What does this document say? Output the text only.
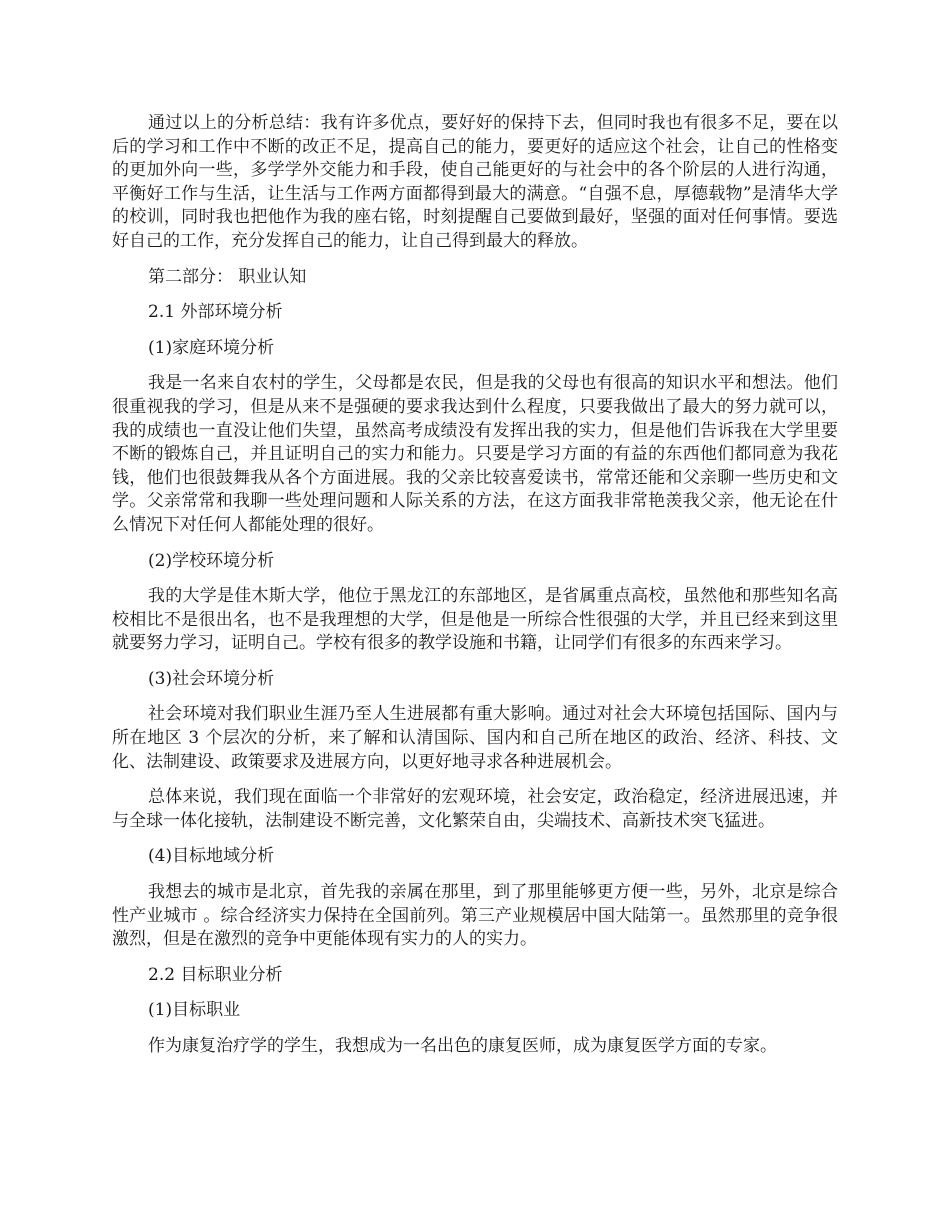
通过以上的分析总结：我有许多优点，要好好的保持下去，但同时我也有很多不足，要在以后的学习和工作中不断的改正不足，提高自己的能力，要更好的适应这个社会，让自己的性格变的更加外向一些，多学学外交能力和手段，使自己能更好的与社会中的各个阶层的人进行沟通，平衡好工作与生活，让生活与工作两方面都得到最大的满意。“自强不息，厚德载物”是清华大学的校训，同时我也把他作为我的座右铭，时刻提醒自己要做到最好，坚强的面对任何事情。要选好自己的工作，充分发挥自己的能力，让自己得到最大的释放。

第二部分： 职业认知

2.1 外部环境分析

(1)家庭环境分析

我是一名来自农村的学生，父母都是农民，但是我的父母也有很高的知识水平和想法。他们很重视我的学习，但是从来不是强硬的要求我达到什么程度，只要我做出了最大的努力就可以，我的成绩也一直没让他们失望，虽然高考成绩没有发挥出我的实力，但是他们告诉我在大学里要不断的锻炼自己，并且证明自己的实力和能力。只要是学习方面的有益的东西他们都同意为我花钱，他们也很鼓舞我从各个方面进展。我的父亲比较喜爱读书，常常还能和父亲聊一些历史和文学。父亲常常和我聊一些处理问题和人际关系的方法，在这方面我非常艳羡我父亲，他无论在什么情况下对任何人都能处理的很好。

(2)学校环境分析

我的大学是佳木斯大学，他位于黑龙江的东部地区，是省属重点高校，虽然他和那些知名高校相比不是很出名，也不是我理想的大学，但是他是一所综合性很强的大学，并且已经来到这里就要努力学习，证明自己。学校有很多的教学设施和书籍，让同学们有很多的东西来学习。

(3)社会环境分析

社会环境对我们职业生涯乃至人生进展都有重大影响。通过对社会大环境包括国际、国内与所在地区 3 个层次的分析，来了解和认清国际、国内和自己所在地区的政治、经济、科技、文化、法制建设、政策要求及进展方向，以更好地寻求各种进展机会。

总体来说，我们现在面临一个非常好的宏观环境，社会安定，政治稳定，经济进展迅速，并与全球一体化接轨，法制建设不断完善，文化繁荣自由，尖端技术、高新技术突飞猛进。

(4)目标地域分析

我想去的城市是北京，首先我的亲属在那里，到了那里能够更方便一些，另外，北京是综合性产业城市 。综合经济实力保持在全国前列。第三产业规模居中国大陆第一。虽然那里的竞争很激烈，但是在激烈的竞争中更能体现有实力的人的实力。

2.2 目标职业分析

(1)目标职业

作为康复治疗学的学生，我想成为一名出色的康复医师，成为康复医学方面的专家。
